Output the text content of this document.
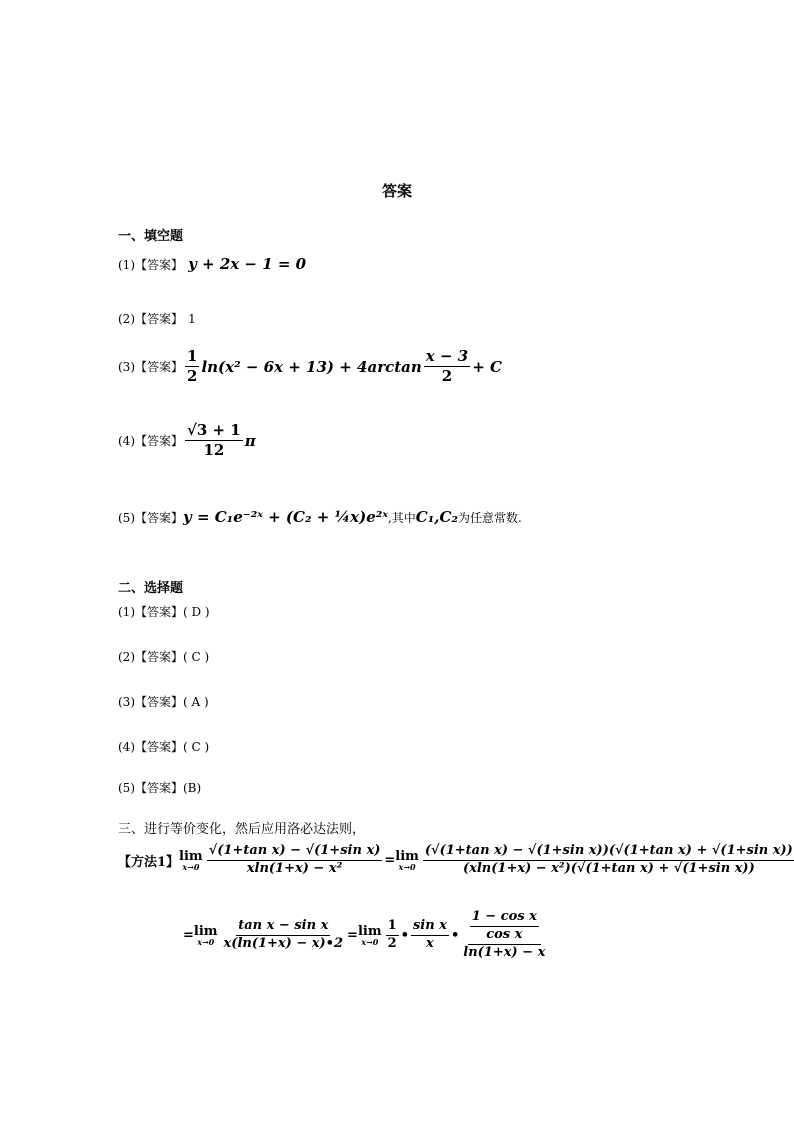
答案
一、填空题
(1)【答案】 y + 2x − 1 = 0
(2)【答案】 1
(3)【答案】 $\frac{1}{2} \ln(x^2 - 6x + 13) + 4\arctan \frac{x - 3}{2} + C$
(4)【答案】 $\frac{√3 + 1}{12}$ π
(5)【答案】 y = C₁e⁻²ˣ + (C₂ + ¼x)e²ˣ ,其中 C₁,C₂ 为任意常数.
二、选择题
(1)【答案】( D )
(2)【答案】( C )
(3)【答案】( A )
(4)【答案】( C )
(5)【答案】(B)
三、进行等价变化，然后应用洛必达法则，
【方法1】 lim
$x\to 0 \frac{\text{√(1+tan x) − √(1+sin x)}}{\text{xln(1+x) − x²}} = \lim$
$x\to 0 \frac{\text{(√(1+tan x) − √(1+sin x))(√(1+tan x) + √(1+sin x))}}{\text{(xln(1+x) − x²)(√(1+tan x) + √(1+sin x))}}$
= lim
$x\to 0 \frac{\text{tan x − sin x}}{x(\ln(1+x) - x)•2} = \lim$
$x\to 0 \frac{1}{2}$ • $\frac{\text{sin x}}{x}$ • $\frac{\frac{\text{1 − cos x}}{\text{cos x}}}{\ln(1+x) - x}$
